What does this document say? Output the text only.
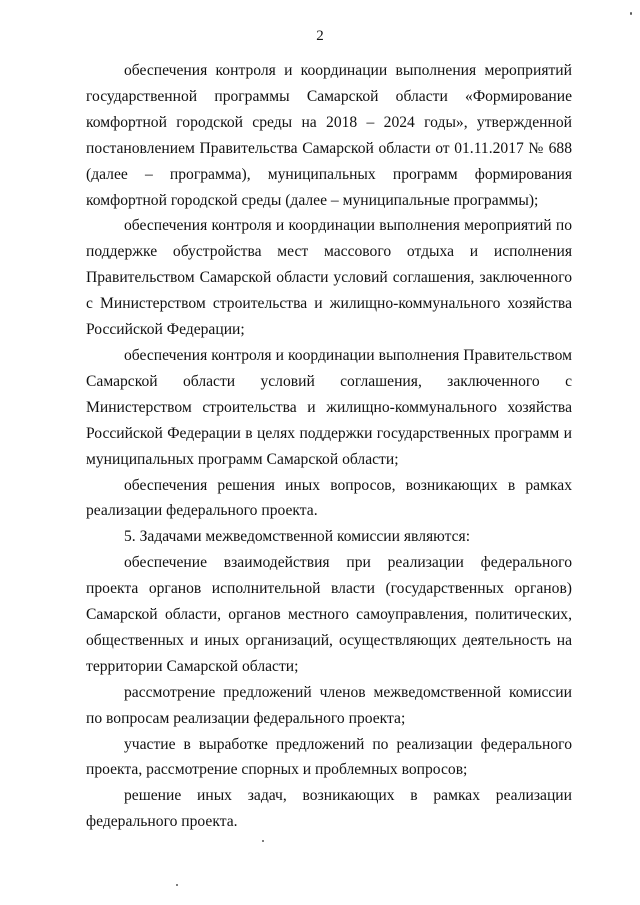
2

обеспечения контроля и координации выполнения мероприятий государственной программы Самарской области «Формирование комфортной городской среды на 2018 – 2024 годы», утвержденной постановлением Правительства Самарской области от 01.11.2017 № 688 (далее – программа), муниципальных программ формирования комфортной городской среды (далее – муниципальные программы);

обеспечения контроля и координации выполнения мероприятий по поддержке обустройства мест массового отдыха и исполнения Правительством Самарской области условий соглашения, заключенного с Министерством строительства и жилищно-коммунального хозяйства Российской Федерации;

обеспечения контроля и координации выполнения Правительством Самарской области условий соглашения, заключенного с Министерством строительства и жилищно-коммунального хозяйства Российской Федерации в целях поддержки государственных программ и муниципальных программ Самарской области;

обеспечения решения иных вопросов, возникающих в рамках реализации федерального проекта.

5. Задачами межведомственной комиссии являются:

обеспечение взаимодействия при реализации федерального проекта органов исполнительной власти (государственных органов) Самарской области, органов местного самоуправления, политических, общественных и иных организаций, осуществляющих деятельность на территории Самарской области;

рассмотрение предложений членов межведомственной комиссии по вопросам реализации федерального проекта;

участие в выработке предложений по реализации федерального проекта, рассмотрение спорных и проблемных вопросов;

решение иных задач, возникающих в рамках реализации федерального проекта.
